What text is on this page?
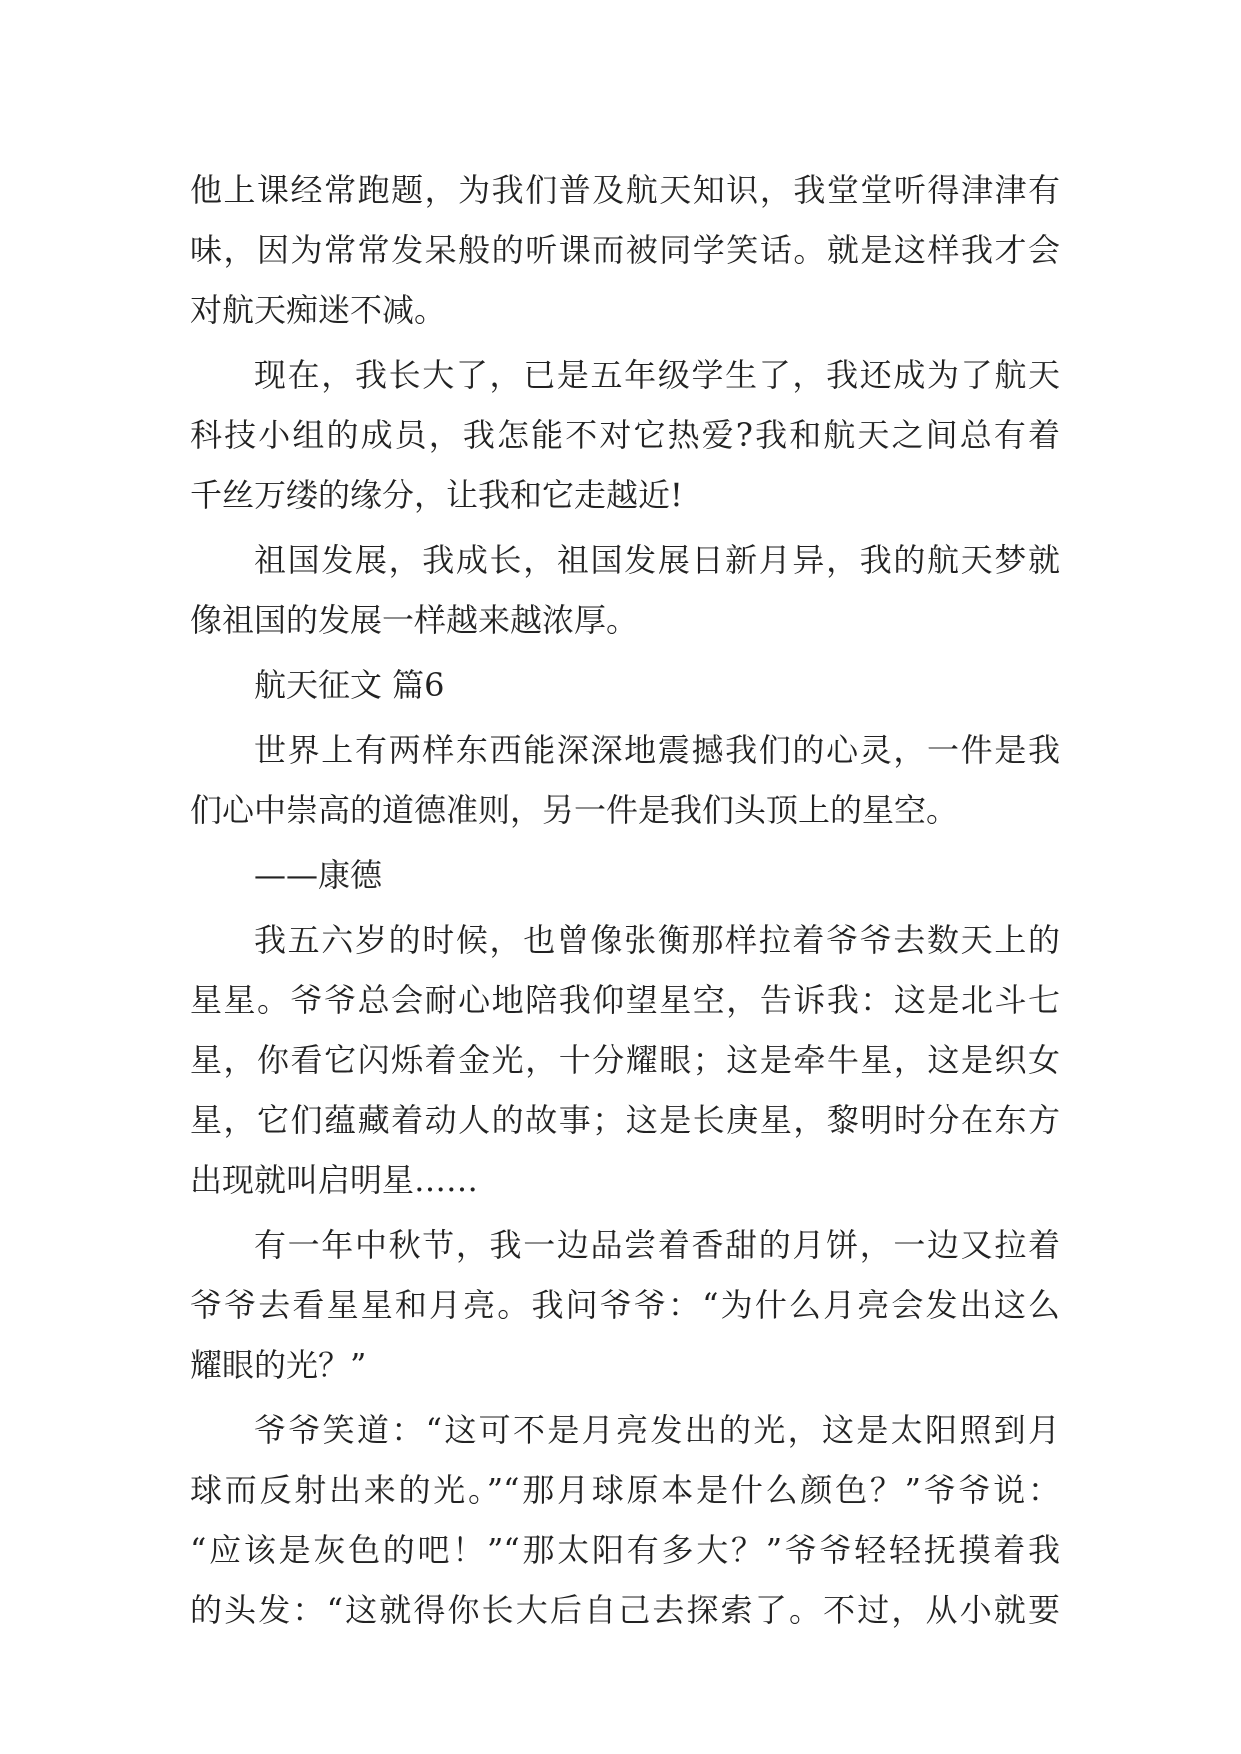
他上课经常跑题，为我们普及航天知识，我堂堂听得津津有
味，因为常常发呆般的听课而被同学笑话。就是这样我才会
对航天痴迷不减。
现在，我长大了，已是五年级学生了，我还成为了航天
科技小组的成员，我怎能不对它热爱?我和航天之间总有着
千丝万缕的缘分，让我和它走越近!
祖国发展，我成长，祖国发展日新月异，我的航天梦就
像祖国的发展一样越来越浓厚。
航天征文 篇6
世界上有两样东西能深深地震撼我们的心灵，一件是我
们心中崇高的道德准则，另一件是我们头顶上的星空。
——康德
我五六岁的时候，也曾像张衡那样拉着爷爷去数天上的
星星。爷爷总会耐心地陪我仰望星空，告诉我：这是北斗七
星，你看它闪烁着金光，十分耀眼；这是牵牛星，这是织女
星，它们蕴藏着动人的故事；这是长庚星，黎明时分在东方
出现就叫启明星……
有一年中秋节，我一边品尝着香甜的月饼，一边又拉着
爷爷去看星星和月亮。我问爷爷：“为什么月亮会发出这么
耀眼的光？”
爷爷笑道：“这可不是月亮发出的光，这是太阳照到月
球而反射出来的光。”“那月球原本是什么颜色？”爷爷说：
“应该是灰色的吧！”“那太阳有多大？”爷爷轻轻抚摸着我
的头发：“这就得你长大后自己去探索了。不过，从小就要
